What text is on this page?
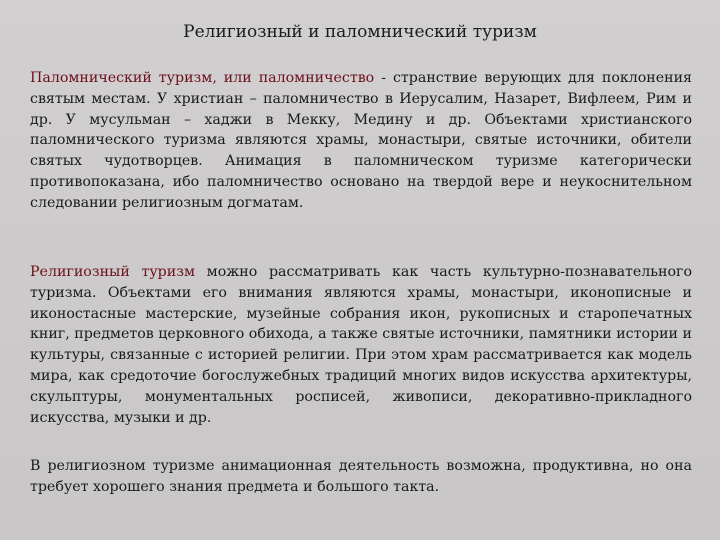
Религиозный и паломнический туризм
Паломнический туризм, или паломничество - странствие верующих для поклонения святым местам. У христиан – паломничество в Иерусалим, Назарет, Вифлеем, Рим и др. У мусульман – хаджи в Мекку, Медину и др. Объектами христианского паломнического туризма являются храмы, монастыри, святые источники, обители святых чудотворцев. Анимация в паломническом туризме категорически противопоказана, ибо паломничество основано на твердой вере и неукоснительном следовании религиозным догматам.
Религиозный туризм можно рассматривать как часть культурно-познавательного туризма. Объектами его внимания являются храмы, монастыри, иконописные и иконостасные мастерские, музейные собрания икон, рукописных и старопечатных книг, предметов церковного обихода, а также святые источники, памятники истории и культуры, связанные с историей религии. При этом храм рассматривается как модель мира, как средоточие богослужебных традиций многих видов искусства архитектуры, скульптуры, монументальных росписей, живописи, декоративно-прикладного искусства, музыки и др.
В религиозном туризме анимационная деятельность возможна, продуктивна, но она требует хорошего знания предмета и большого такта.
